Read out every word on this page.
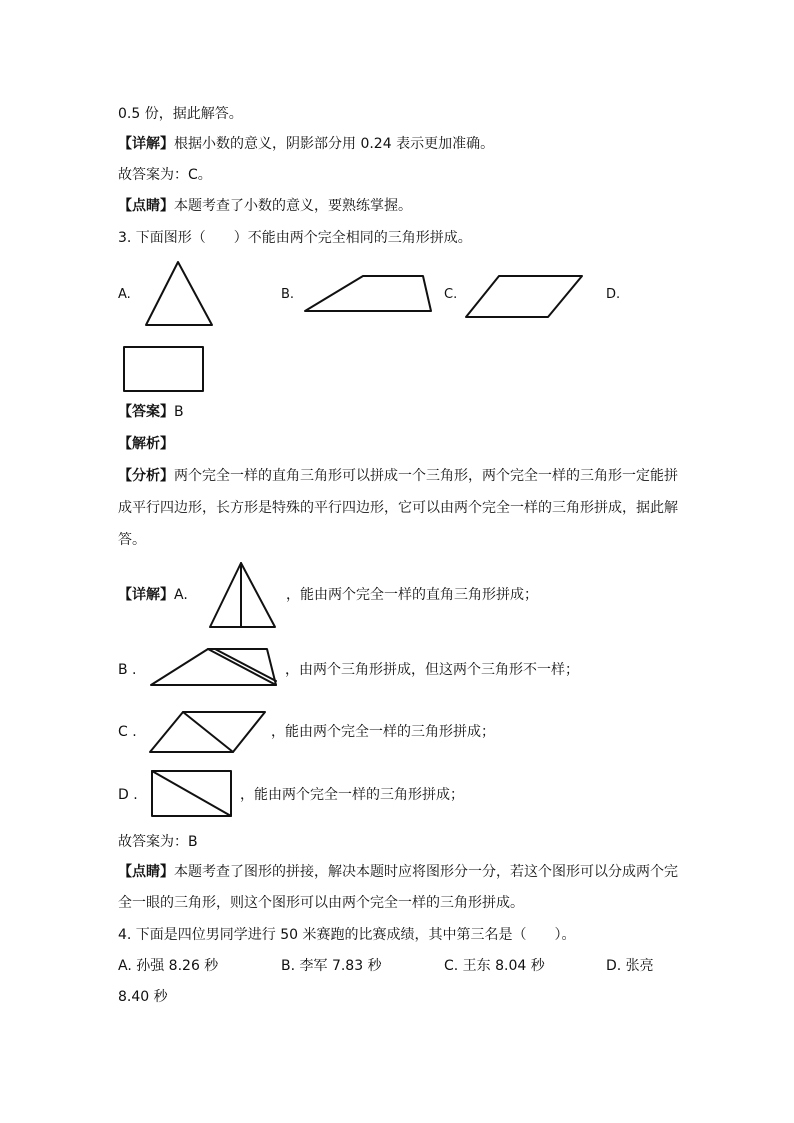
0.5 份，据此解答。
【详解】根据小数的意义，阴影部分用 0.24 表示更加准确。
故答案为：C。
【点睛】本题考查了小数的意义，要熟练掌握。
3. 下面图形（　　）不能由两个完全相同的三角形拼成。
A.	B.	C.	D.
【答案】B
【解析】
【分析】两个完全一样的直角三角形可以拼成一个三角形，两个完全一样的三角形一定能拼
成平行四边形，长方形是特殊的平行四边形，它可以由两个完全一样的三角形拼成，据此解
答。
【详解】A.	，能由两个完全一样的直角三角形拼成；
B .	，由两个三角形拼成，但这两个三角形不一样；
C .	，能由两个完全一样的三角形拼成；
D .	，能由两个完全一样的三角形拼成；
故答案为：B
【点睛】本题考查了图形的拼接，解决本题时应将图形分一分，若这个图形可以分成两个完
全一眼的三角形，则这个图形可以由两个完全一样的三角形拼成。
4. 下面是四位男同学进行 50 米赛跑的比赛成绩，其中第三名是（　　）。
A. 孙强 8.26 秒	B. 李军 7.83 秒	C. 王东 8.04 秒	D. 张亮
8.40 秒
